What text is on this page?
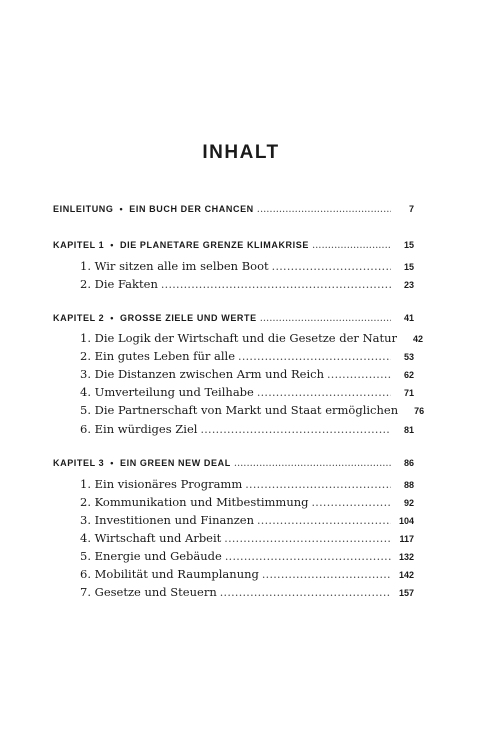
INHALT
EINLEITUNG • EIN BUCH DER CHANCEN . . .	7
KAPITEL 1 • DIE PLANETARE GRENZE KLIMAKRISE . . .	15
1. Wir sitzen alle im selben Boot . . .	15
2. Die Fakten . . .	23
KAPITEL 2 • GROSSE ZIELE UND WERTE . . .	41
1. Die Logik der Wirtschaft und die Gesetze der Natur	42
2. Ein gutes Leben für alle . . .	53
3. Die Distanzen zwischen Arm und Reich . . .	62
4. Umverteilung und Teilhabe . . .	71
5. Die Partnerschaft von Markt und Staat ermöglichen	76
6. Ein würdiges Ziel . . .	81
KAPITEL 3 • EIN GREEN NEW DEAL . . .	86
1. Ein visionäres Programm . . .	88
2. Kommunikation und Mitbestimmung . . .	92
3. Investitionen und Finanzen . . .	104
4. Wirtschaft und Arbeit . . .	117
5. Energie und Gebäude . . .	132
6. Mobilität und Raumplanung . . .	142
7. Gesetze und Steuern . . .	157
